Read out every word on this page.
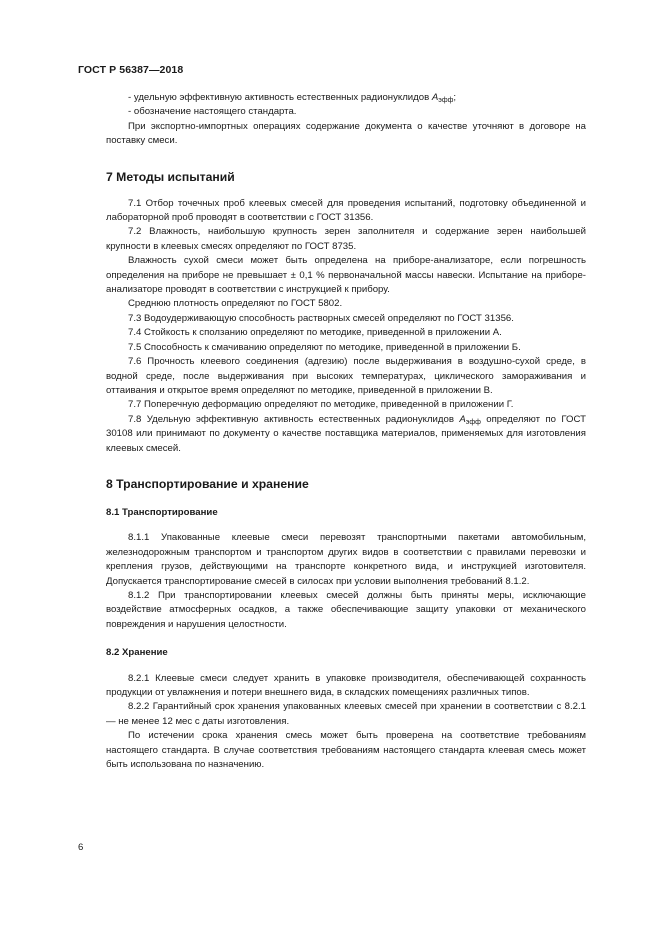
ГОСТ Р 56387—2018

- удельную эффективную активность естественных радионуклидов $A_{эфф}$;

- обозначение настоящего стандарта.

При экспортно-импортных операциях содержание документа о качестве уточняют в договоре на поставку смеси.

7 Методы испытаний

7.1 Отбор точечных проб клеевых смесей для проведения испытаний, подготовку объединенной и лабораторной проб проводят в соответствии с ГОСТ 31356.

7.2 Влажность, наибольшую крупность зерен заполнителя и содержание зерен наибольшей крупности в клеевых смесях определяют по ГОСТ 8735.

Влажность сухой смеси может быть определена на приборе-анализаторе, если погрешность определения на приборе не превышает ± 0,1 % первоначальной массы навески. Испытание на приборе-анализаторе проводят в соответствии с инструкцией к прибору.

Среднюю плотность определяют по ГОСТ 5802.

7.3 Водоудерживающую способность растворных смесей определяют по ГОСТ 31356.

7.4 Стойкость к сползанию определяют по методике, приведенной в приложении А.

7.5 Способность к смачиванию определяют по методике, приведенной в приложении Б.

7.6 Прочность клеевого соединения (адгезию) после выдерживания в воздушно-сухой среде, в водной среде, после выдерживания при высоких температурах, циклического замораживания и оттаивания и открытое время определяют по методике, приведенной в приложении В.

7.7 Поперечную деформацию определяют по методике, приведенной в приложении Г.

7.8 Удельную эффективную активность естественных радионуклидов $A_{эфф}$ определяют по ГОСТ 30108 или принимают по документу о качестве поставщика материалов, применяемых для изготовления клеевых смесей.

8 Транспортирование и хранение

8.1 Транспортирование

8.1.1 Упакованные клеевые смеси перевозят транспортными пакетами автомобильным, железнодорожным транспортом и транспортом других видов в соответствии с правилами перевозки и крепления грузов, действующими на транспорте конкретного вида, и инструкцией изготовителя. Допускается транспортирование смесей в силосах при условии выполнения требований 8.1.2.

8.1.2 При транспортировании клеевых смесей должны быть приняты меры, исключающие воздействие атмосферных осадков, а также обеспечивающие защиту упаковки от механического повреждения и нарушения целостности.

8.2 Хранение

8.2.1 Клеевые смеси следует хранить в упаковке производителя, обеспечивающей сохранность продукции от увлажнения и потери внешнего вида, в складских помещениях различных типов.

8.2.2 Гарантийный срок хранения упакованных клеевых смесей при хранении в соответствии с 8.2.1 — не менее 12 мес с даты изготовления.

По истечении срока хранения смесь может быть проверена на соответствие требованиям настоящего стандарта. В случае соответствия требованиям настоящего стандарта клеевая смесь может быть использована по назначению.

6
